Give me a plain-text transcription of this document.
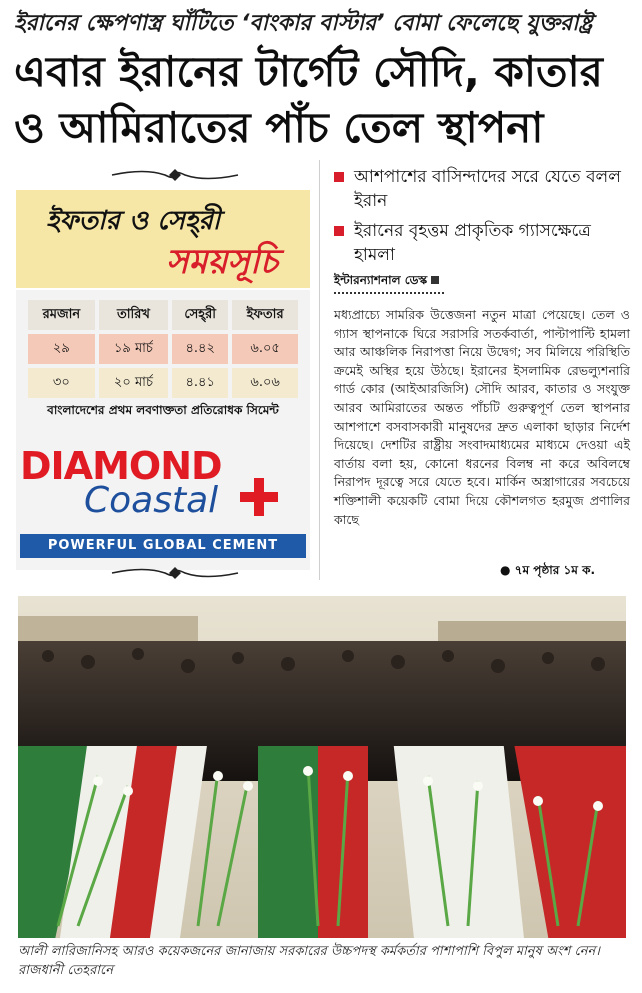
ইরানের ক্ষেপণাস্ত্র ঘাঁটিতে ‘বাংকার বাস্টার’ বোমা ফেলেছে যুক্তরাষ্ট্র
এবার ইরানের টার্গেট সৌদি, কাতার
ও আমিরাতের পাঁচ তেল স্থাপনা
ইফতার ও সেহ্‌রী
সময়সূচি
রমজান	তারিখ	সেহ্‌রী	ইফতার
২৯	১৯ মার্চ	৪.৪২	৬.০৫
৩০	২০ মার্চ	৪.৪১	৬.০৬
বাংলাদেশের প্রথম লবণাক্ততা প্রতিরোধক সিমেন্ট
DIAMOND
Coastal
POWERFUL GLOBAL CEMENT
আশপাশের বাসিন্দাদের সরে যেতে বলল ইরান
ইরানের বৃহত্তম প্রাকৃতিক গ্যাসক্ষেত্রে হামলা
ইন্টারন্যাশনাল ডেস্ক
মধ্যপ্রাচ্যে সামরিক উত্তেজনা নতুন মাত্রা পেয়েছে। তেল ও গ্যাস স্থাপনাকে ঘিরে সরাসরি সতর্কবার্তা, পাল্টাপাল্টি হামলা আর আঞ্চলিক নিরাপত্তা নিয়ে উদ্বেগ; সব মিলিয়ে পরিস্থিতি ক্রমেই অস্থির হয়ে উঠছে। ইরানের ইসলামিক রেভল্যুশনারি গার্ড কোর (আইআরজিসি) সৌদি আরব, কাতার ও সংযুক্ত আরব আমিরাতের অন্তত পাঁচটি গুরুত্বপূর্ণ তেল স্থাপনার আশপাশে বসবাসকারী মানুষদের দ্রুত এলাকা ছাড়ার নির্দেশ দিয়েছে। দেশটির রাষ্ট্রীয় সংবাদমাধ্যমের মাধ্যমে দেওয়া এই বার্তায় বলা হয়, কোনো ধরনের বিলম্ব না করে অবিলম্বে নিরাপদ দূরত্বে সরে যেতে হবে। মার্কিন অস্ত্রাগারের সবচেয়ে শক্তিশালী কয়েকটি বোমা দিয়ে কৌশলগত হরমুজ প্রণালির কাছে
● ৭ম পৃষ্ঠার ১ম ক.
আলী লারিজানিসহ আরও কয়েকজনের জানাজায় সরকারের উচ্চপদস্থ কর্মকর্তার পাশাপাশি বিপুল মানুষ অংশ নেন। রাজধানী তেহরানে
